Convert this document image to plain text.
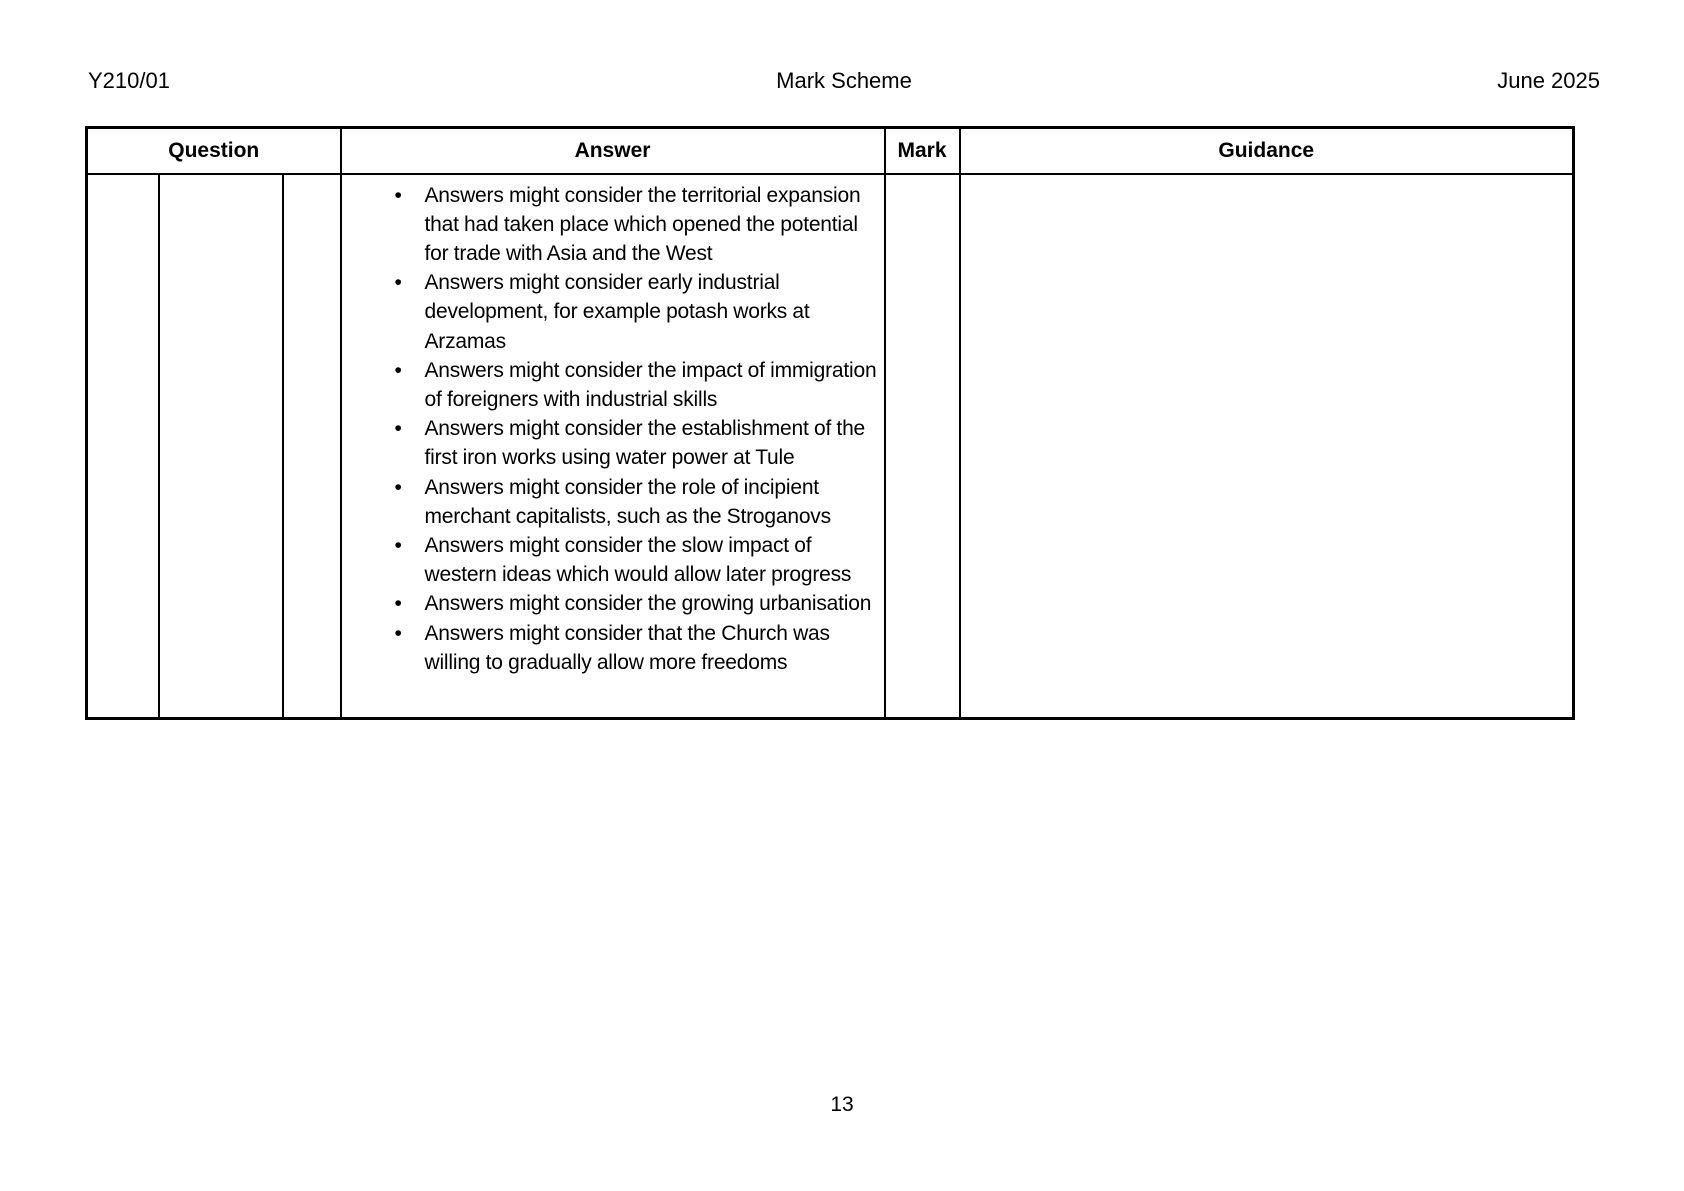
Y210/01	Mark Scheme	June 2025
Question			Answer	Mark	Guidance

• Answers might consider the territorial expansion that had taken place which opened the potential for trade with Asia and the West
• Answers might consider early industrial development, for example potash works at Arzamas
• Answers might consider the impact of immigration of foreigners with industrial skills
• Answers might consider the establishment of the first iron works using water power at Tule
• Answers might consider the role of incipient merchant capitalists, such as the Stroganovs
• Answers might consider the slow impact of western ideas which would allow later progress
• Answers might consider the growing urbanisation
• Answers might consider that the Church was willing to gradually allow more freedoms

13
